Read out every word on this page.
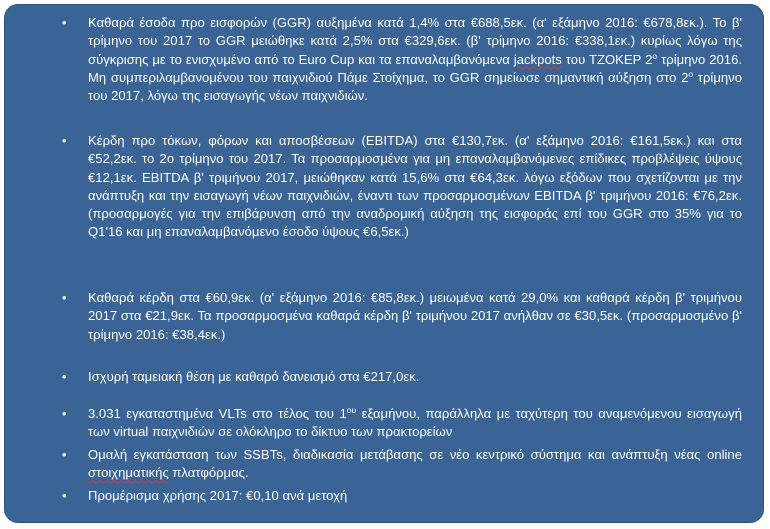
• Καθαρά έσοδα προ εισφορών (GGR) αυξημένα κατά 1,4% στα €688,5εκ. (α' εξάμηνο 2016: €678,8εκ.). Το β' τρίμηνο του 2017 το GGR μειώθηκε κατά 2,5% στα €329,6εκ. (β' τρίμηνο 2016: €338,1εκ.) κυρίως λόγω της σύγκρισης με το ενισχυμένο από το Euro Cup και τα επαναλαμβανόμενα jackpots του ΤΖΟΚΕΡ $2^o$ τρίμηνο 2016. Μη συμπεριλαμβανομένου του παιχνιδιού Πάμε Στοίχημα, το GGR σημείωσε σημαντική αύξηση στο $2^o$ τρίμηνο του 2017, λόγω της εισαγωγής νέων παιχνιδιών.
• Κέρδη προ τόκων, φόρων και αποσβέσεων (EBITDA) στα €130,7εκ. (α' εξάμηνο 2016: €161,5εκ.) και στα €52,2εκ. το 2ο τρίμηνο του 2017. Τα προσαρμοσμένα για μη επαναλαμβανόμενες επίδικες προβλέψεις ύψους €12,1εκ. EBITDA β' τριμήνου 2017, μειώθηκαν κατά 15,6% στα €64,3εκ. λόγω εξόδων που σχετίζονται με την ανάπτυξη και την εισαγωγή νέων παιχνιδιών, έναντι των προσαρμοσμένων EBITDA β' τριμήνου 2016: €76,2εκ. (προσαρμογές για την επιβάρυνση από την αναδρομική αύξηση της εισφοράς επί του GGR στο 35% για το Q1'16 και μη επαναλαμβανόμενο έσοδο ύψους €6,5εκ.)
• Καθαρά κέρδη στα €60,9εκ. (α' εξάμηνο 2016: €85,8εκ.) μειωμένα κατά 29,0% και καθαρά κέρδη β' τριμήνου 2017 στα €21,9εκ. Τα προσαρμοσμένα καθαρά κέρδη β' τριμήνου 2017 ανήλθαν σε €30,5εκ. (προσαρμοσμένο β' τρίμηνο 2016: €38,4εκ.)
• Ισχυρή ταμειακή θέση με καθαρό δανεισμό στα €217,0εκ.
• 3.031 εγκαταστημένα VLTs στο τέλος του $1^{o\upsilon}$ εξαμήνου, παράλληλα με ταχύτερη του αναμενόμενου εισαγωγή των virtual παιχνιδιών σε ολόκληρο το δίκτυο των πρακτορείων
• Ομαλή εγκατάσταση των SSBTs, διαδικασία μετάβασης σε νέο κεντρικό σύστημα και ανάπτυξη νέας online στοιχηματικής πλατφόρμας.
• Προμέρισμα χρήσης 2017: €0,10 ανά μετοχή
